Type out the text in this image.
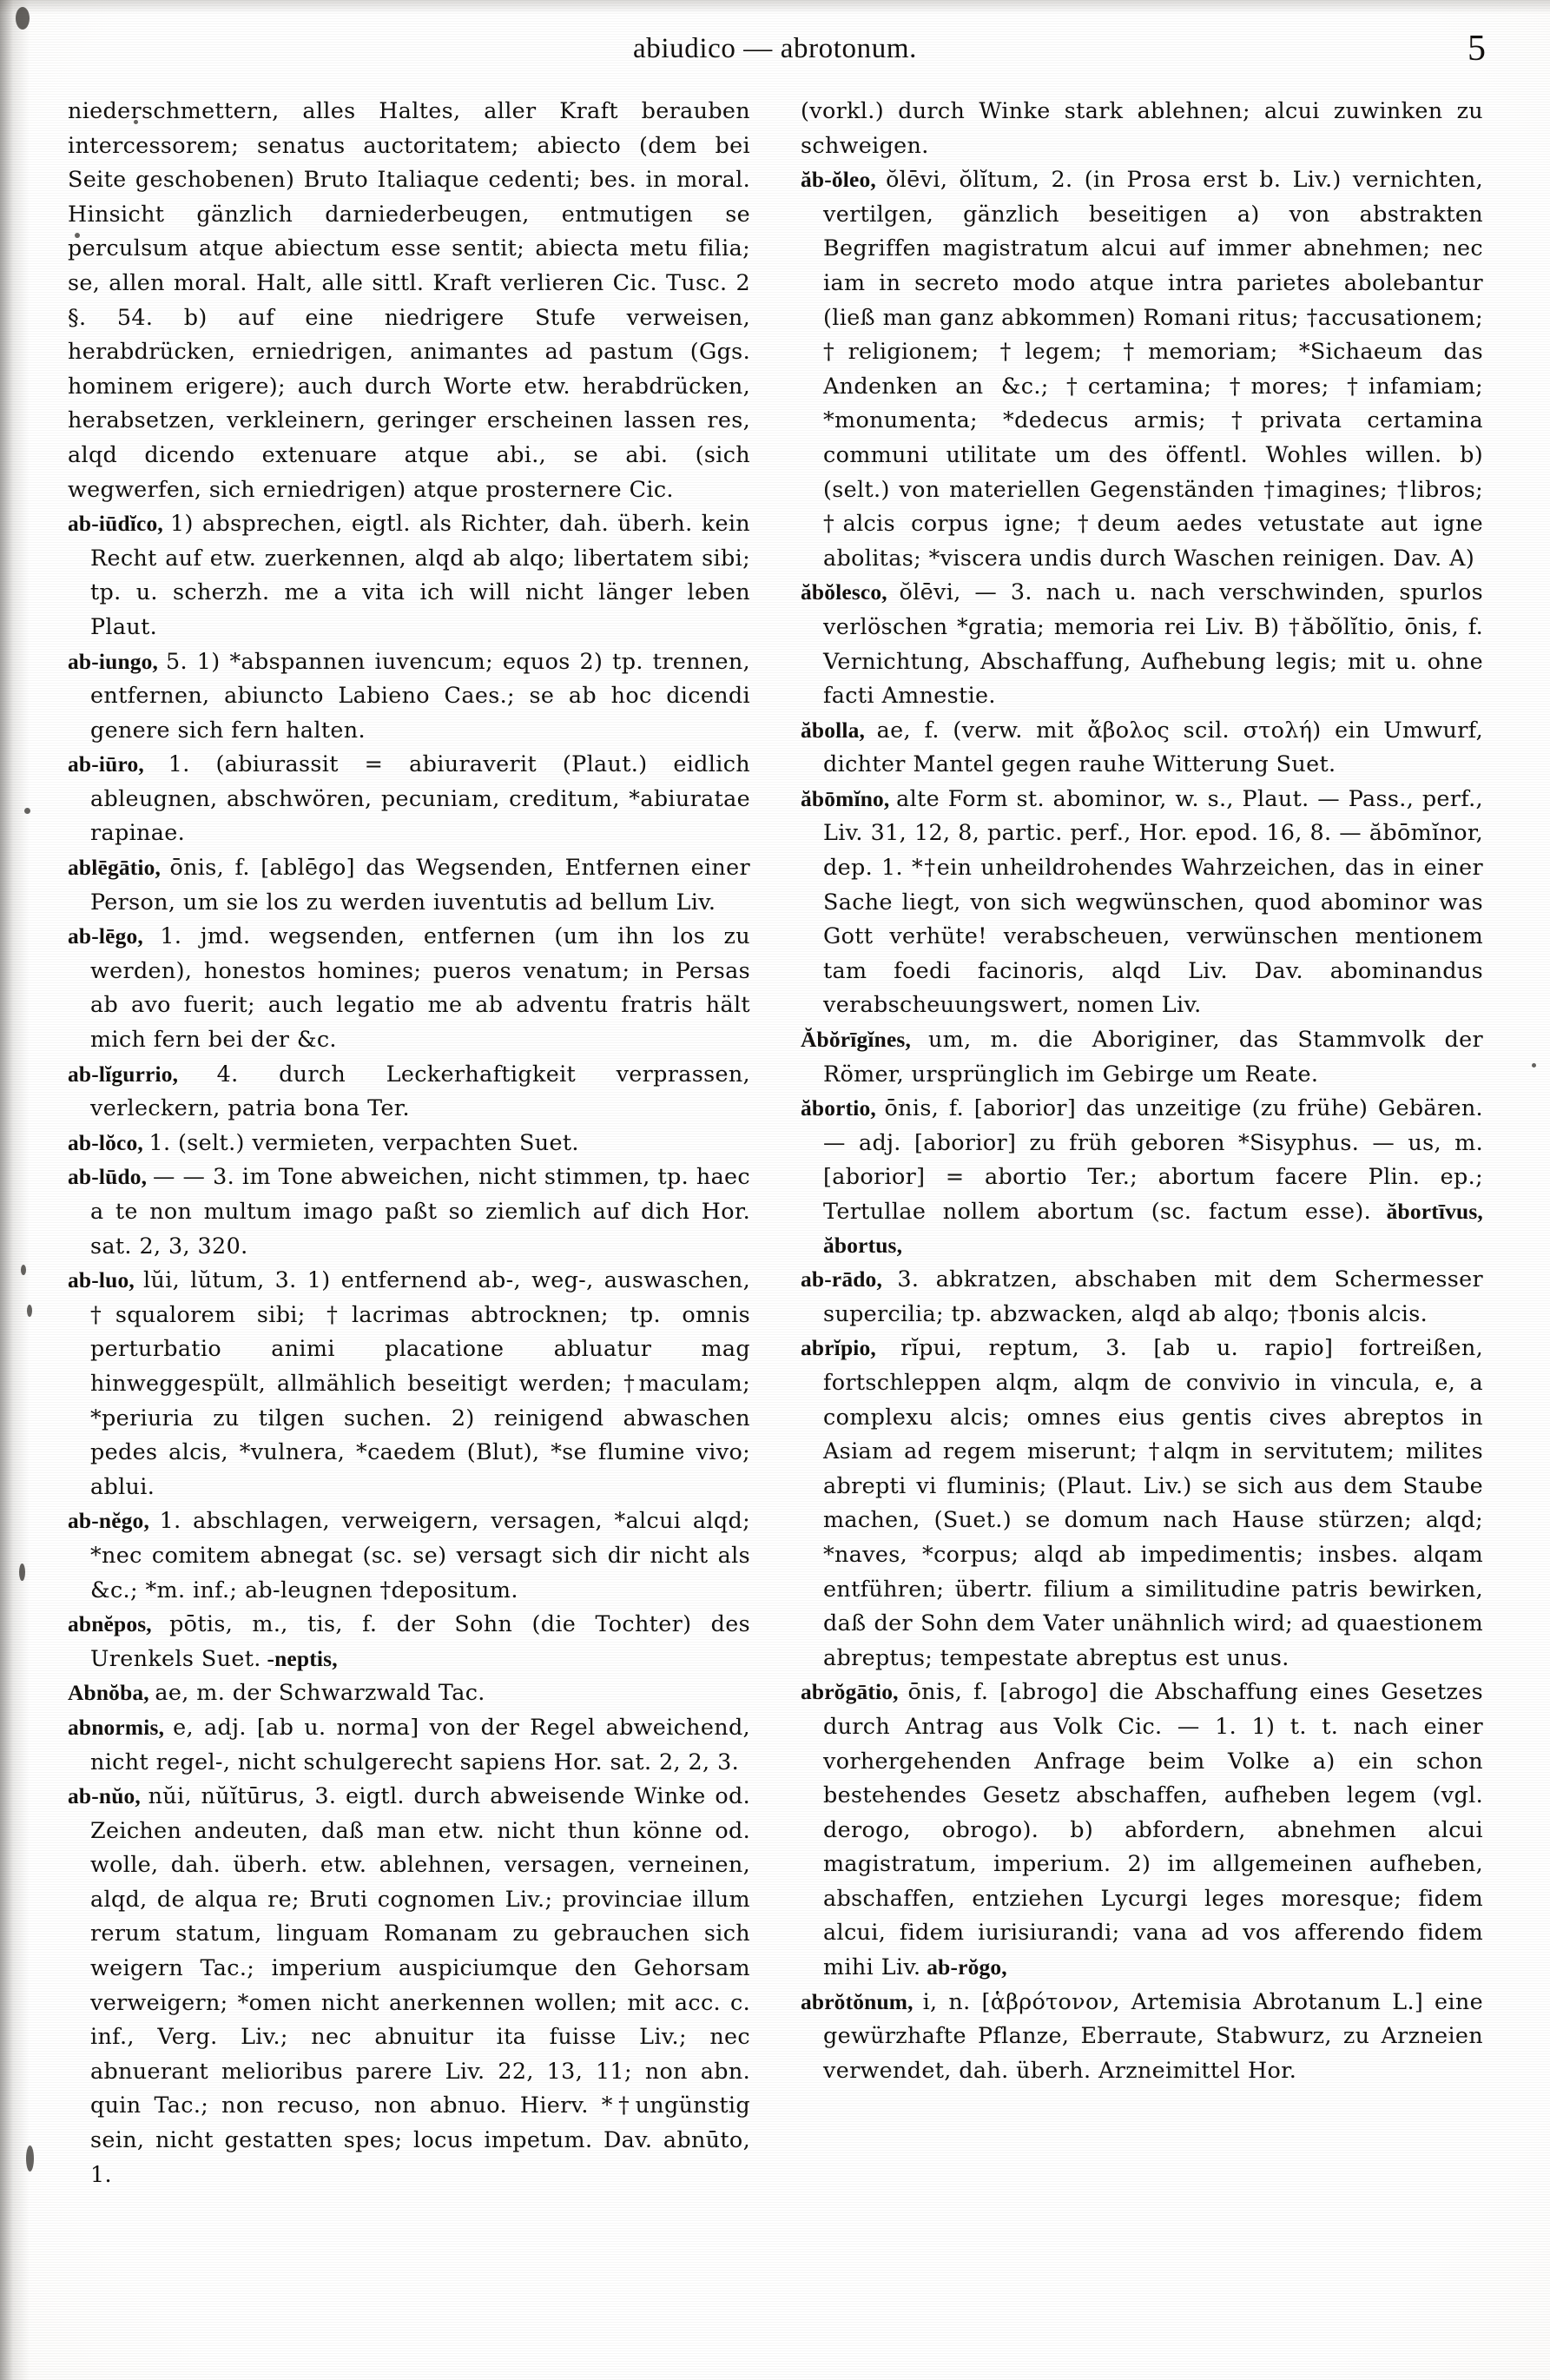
abiudico — abrotonum.	5

niederschmettern, alles Haltes, aller Kraft berauben intercessorem; senatus auctoritatem; abiecto (dem bei Seite geschobenen) Bruto Italiaque cedenti; bes. in moral. Hinsicht gänzlich darniederbeugen, entmutigen se perculsum atque abiectum esse sentit; abiecta metu filia; se, allen moral. Halt, alle sittl. Kraft verlieren Cic. Tusc. 2 §. 54. b) auf eine niedrigere Stufe verweisen, herabdrücken, erniedrigen, animantes ad pastum (Ggs. hominem erigere); auch durch Worte etw. herabdrücken, herabsetzen, verkleinern, geringer erscheinen lassen res, alqd dicendo extenuare atque abi., se abi. (sich wegwerfen, sich erniedrigen) atque prosternere Cic.

ab-iūdĭco, 1) absprechen, eigtl. als Richter, dah. überh. kein Recht auf etw. zuerkennen, alqd ab alqo; libertatem sibi; tp. u. scherzh. me a vita ich will nicht länger leben Plaut.

ab-iungo, 5. 1) *abspannen iuvencum; equos 2) tp. trennen, entfernen, abiuncto Labieno Caes.; se ab hoc dicendi genere sich fern halten.

ab-iūro, 1. (abiurassit = abiuraverit (Plaut.) eidlich ableugnen, abschwören, pecuniam, creditum, *abiuratae rapinae.

ablēgātio, ōnis, f. [ablēgo] das Wegsenden, Entfernen einer Person, um sie los zu werden iuventutis ad bellum Liv.

ab-lēgo, 1. jmd. wegsenden, entfernen (um ihn los zu werden), honestos homines; pueros venatum; in Persas ab avo fuerit; auch legatio me ab adventu fratris hält mich fern bei der &c.

ab-lĭgurrio, 4. durch Leckerhaftigkeit verprassen, verleckern, patria bona Ter.

ab-lŏco, 1. (selt.) vermieten, verpachten Suet.

ab-lūdo, — — 3. im Tone abweichen, nicht stimmen, tp. haec a te non multum imago paßt so ziemlich auf dich Hor. sat. 2, 3, 320.

ab-luo, lŭi, lŭtum, 3. 1) entfernend ab-, weg-, auswaschen, †squalorem sibi; †lacrimas abtrocknen; tp. omnis perturbatio animi placatione abluatur mag hinweggespült, allmählich beseitigt werden; †maculam; *periuria zu tilgen suchen. 2) reinigend abwaschen pedes alcis, *vulnera, *caedem (Blut), *se flumine vivo; ablui.

ab-nĕgo, 1. abschlagen, verweigern, versagen, *alcui alqd; *nec comitem abnegat (sc. se) versagt sich dir nicht als &c.; *m. inf.; ab-leugnen †depositum.

abnĕpos, pōtis, m., tis, f. der Sohn (die Tochter) des Urenkels Suet. -neptis,

Abnŏba, ae, m. der Schwarzwald Tac.

abnormis, e, adj. [ab u. norma] von der Regel abweichend, nicht regel-, nicht schulgerecht sapiens Hor. sat. 2, 2, 3.

ab-nŭo, nŭi, nŭĭtūrus, 3. eigtl. durch abweisende Winke od. Zeichen andeuten, daß man etw. nicht thun könne od. wolle, dah. überh. etw. ablehnen, versagen, verneinen, alqd, de alqua re; Bruti cognomen Liv.; provinciae illum rerum statum, linguam Romanam zu gebrauchen sich weigern Tac.; imperium auspiciumque den Gehorsam verweigern; *omen nicht anerkennen wollen; mit acc. c. inf., Verg. Liv.; nec abnuitur ita fuisse Liv.; nec abnuerant melioribus parere Liv. 22, 13, 11; non abn. quin Tac.; non recuso, non abnuo. Hierv. *†ungünstig sein, nicht gestatten spes; locus impetum. Dav. abnūto, 1.

(vorkl.) durch Winke stark ablehnen; alcui zuwinken zu schweigen.

ăb-ŏleo, ŏlēvi, ŏlĭtum, 2. (in Prosa erst b. Liv.) vernichten, vertilgen, gänzlich beseitigen a) von abstrakten Begriffen magistratum alcui auf immer abnehmen; nec iam in secreto modo atque intra parietes abolebantur (ließ man ganz abkommen) Romani ritus; †accusationem; †religionem; †legem; †memoriam; *Sichaeum das Andenken an &c.; †certamina; †mores; †infamiam; *monumenta; *dedecus armis; †privata certamina communi utilitate um des öffentl. Wohles willen. b) (selt.) von materiellen Gegenständen †imagines; †libros; †alcis corpus igne; †deum aedes vetustate aut igne abolitas; *viscera undis durch Waschen reinigen. Dav. A)

ăbŏlesco, ŏlēvi, — 3. nach u. nach verschwinden, spurlos verlöschen *gratia; memoria rei Liv. B) †ăbŏlĭtio, ōnis, f. Vernichtung, Abschaffung, Aufhebung legis; mit u. ohne facti Amnestie.

ăbolla, ae, f. (verw. mit ἄβολος scil. στολή) ein Umwurf, dichter Mantel gegen rauhe Witterung Suet.

ăbōmĭno, alte Form st. abominor, w. s., Plaut. — Pass., perf., Liv. 31, 12, 8, partic. perf., Hor. epod. 16, 8. — ăbōmĭnor, dep. 1. *†ein unheildrohendes Wahrzeichen, das in einer Sache liegt, von sich wegwünschen, quod abominor was Gott verhüte! verabscheuen, verwünschen mentionem tam foedi facinoris, alqd Liv. Dav. abominandus verabscheuungswert, nomen Liv.

Ăbŏrīgĭnes, um, m. die Aboriginer, das Stammvolk der Römer, ursprünglich im Gebirge um Reate.

ăbortio, ōnis, f. [aborior] das unzeitige (zu frühe) Gebären. — adj. [aborior] zu früh geboren *Sisyphus. — us, m. [aborior] = abortio Ter.; abortum facere Plin. ep.; Tertullae nollem abortum (sc. factum esse). ăbortīvus, ăbortus,

ab-rādo, 3. abkratzen, abschaben mit dem Schermesser supercilia; tp. abzwacken, alqd ab alqo; †bonis alcis.

abrĭpio, rĭpui, reptum, 3. [ab u. rapio] fortreißen, fortschleppen alqm, alqm de convivio in vincula, e, a complexu alcis; omnes eius gentis cives abreptos in Asiam ad regem miserunt; †alqm in servitutem; milites abrepti vi fluminis; (Plaut. Liv.) se sich aus dem Staube machen, (Suet.) se domum nach Hause stürzen; alqd; *naves, *corpus; alqd ab impedimentis; insbes. alqam entführen; übertr. filium a similitudine patris bewirken, daß der Sohn dem Vater unähnlich wird; ad quaestionem abreptus; tempestate abreptus est unus.

abrŏgātio, ōnis, f. [abrogo] die Abschaffung eines Gesetzes durch Antrag aus Volk Cic. — 1. 1) t. t. nach einer vorhergehenden Anfrage beim Volke a) ein schon bestehendes Gesetz abschaffen, aufheben legem (vgl. derogo, obrogo). b) abfordern, abnehmen alcui magistratum, imperium. 2) im allgemeinen aufheben, abschaffen, entziehen Lycurgi leges moresque; fidem alcui, fidem iurisiurandi; vana ad vos afferendo fidem mihi Liv. ab-rŏgo,

abrŏtŏnum, i, n. [ἁβρότονον, Artemisia Abrotanum L.] eine gewürzhafte Pflanze, Eberraute, Stabwurz, zu Arzneien verwendet, dah. überh. Arzneimittel Hor.
